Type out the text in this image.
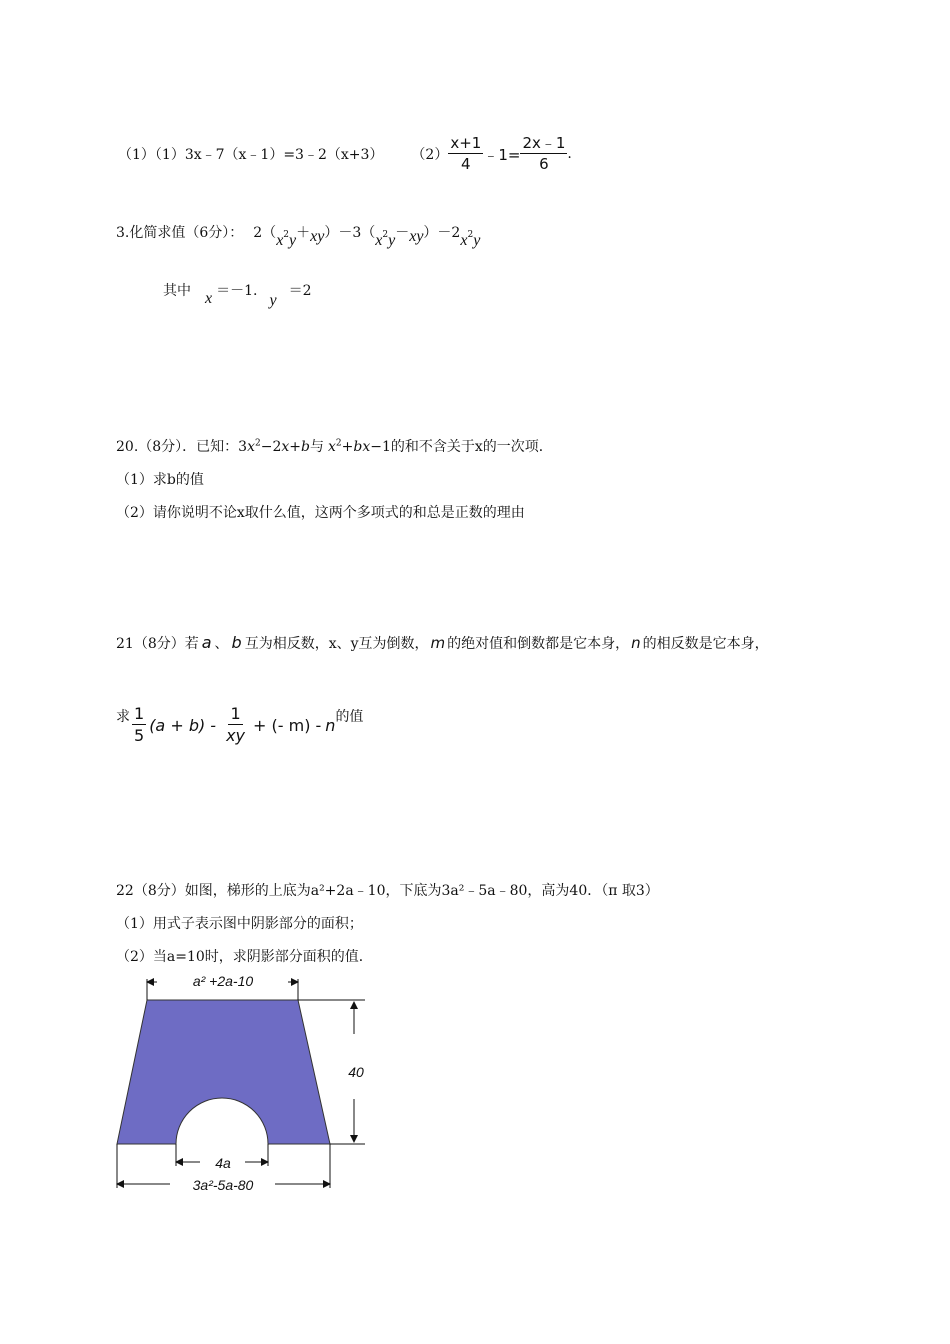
（1）（1）3x﹣7（x﹣1）=3﹣2（x+3） $(2) \frac{x+1}{4}$ ﹣1= $\frac{2x﹣1}{6}$ .
3.化简求值（6分）： 2（ $x^2$ y ＋ xy ）－3（ $x^2$ y － xy ）－2 $x^2$ y
其中 x ＝－1.
y
＝2
20.（8分）．已知：$3x^2-2x+b$与 $x^2+bx-1$的和不含关于x的一次项．
（1）求b的值
（2）请你说明不论x取什么值，这两个多项式的和总是正数的理由
21（8分）若 a 、 b 互为相反数，x、y互为倒数， m 的绝对值和倒数都是它本身， n 的相反数是它本身，
求 $\frac{1}{5} (a + b) - \frac{1}{xy}$ + (- m) - n 的值
22（8分）如图，梯形的上底为a²+2a﹣10，下底为3a²﹣5a﹣80，高为40．（π 取3）
（1）用式子表示图中阴影部分的面积；
（2）当a=10时，求阴影部分面积的值．
a² +2a-10
40
4a
3a²-5a-80
